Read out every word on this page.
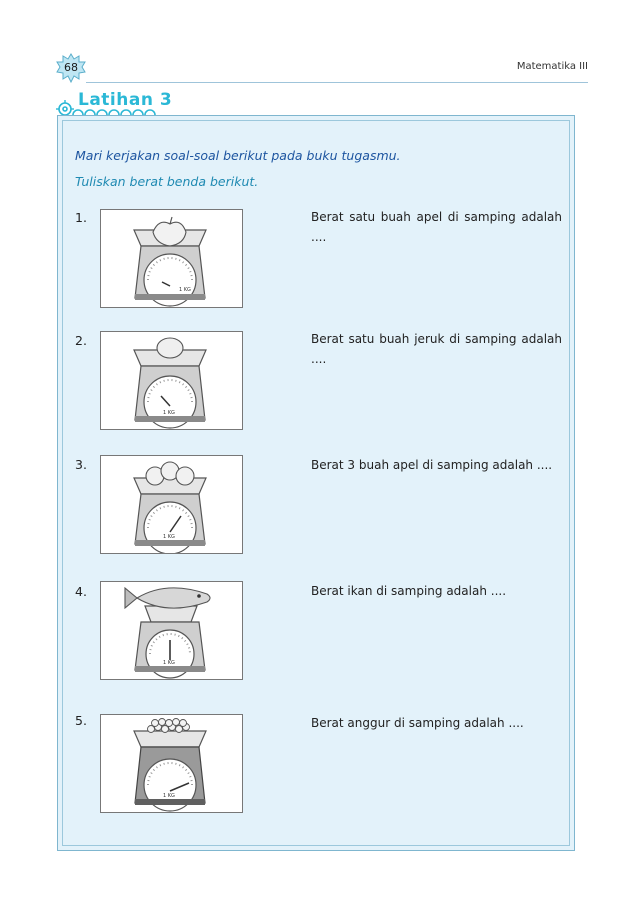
68	Matematika III
Latihan 3
Mari kerjakan soal-soal berikut pada buku tugasmu.
Tuliskan berat benda berikut.
1.
1 KG
Berat satu buah apel di samping adalah ....
2.
1 KG
Berat satu buah jeruk di samping adalah ....
3.
1 KG
Berat 3 buah apel di samping adalah ....
4.
1 KG
Berat ikan di samping adalah ....
5.
1 KG
Berat anggur di samping adalah ....
